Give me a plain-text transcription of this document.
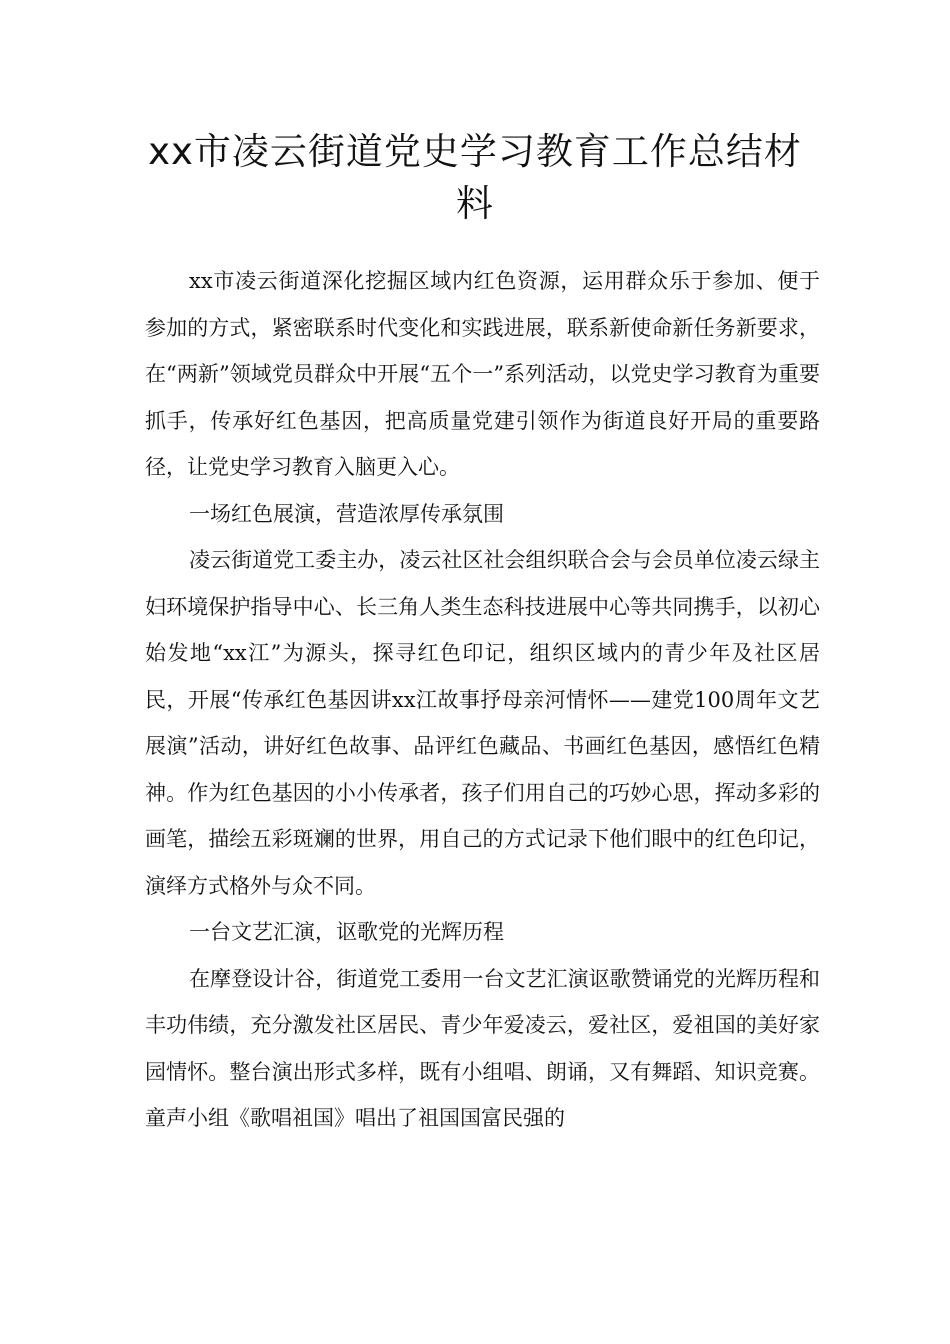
xx市凌云街道党史学习教育工作总结材料

xx市凌云街道深化挖掘区域内红色资源，运用群众乐于参加、便于参加的方式，紧密联系时代变化和实践进展，联系新使命新任务新要求，在“两新”领域党员群众中开展“五个一”系列活动，以党史学习教育为重要抓手，传承好红色基因，把高质量党建引领作为街道良好开局的重要路径，让党史学习教育入脑更入心。

一场红色展演，营造浓厚传承氛围

凌云街道党工委主办，凌云社区社会组织联合会与会员单位凌云绿主妇环境保护指导中心、长三角人类生态科技进展中心等共同携手，以初心始发地“xx江”为源头，探寻红色印记，组织区域内的青少年及社区居民，开展“传承红色基因讲xx江故事抒母亲河情怀——建党100周年文艺展演”活动，讲好红色故事、品评红色藏品、书画红色基因，感悟红色精神。作为红色基因的小小传承者，孩子们用自己的巧妙心思，挥动多彩的画笔，描绘五彩斑斓的世界，用自己的方式记录下他们眼中的红色印记，演绎方式格外与众不同。

一台文艺汇演，讴歌党的光辉历程

在摩登设计谷，街道党工委用一台文艺汇演讴歌赞诵党的光辉历程和丰功伟绩，充分激发社区居民、青少年爱凌云，爱社区，爱祖国的美好家园情怀。整台演出形式多样，既有小组唱、朗诵，又有舞蹈、知识竞赛。童声小组《歌唱祖国》唱出了祖国国富民强的
